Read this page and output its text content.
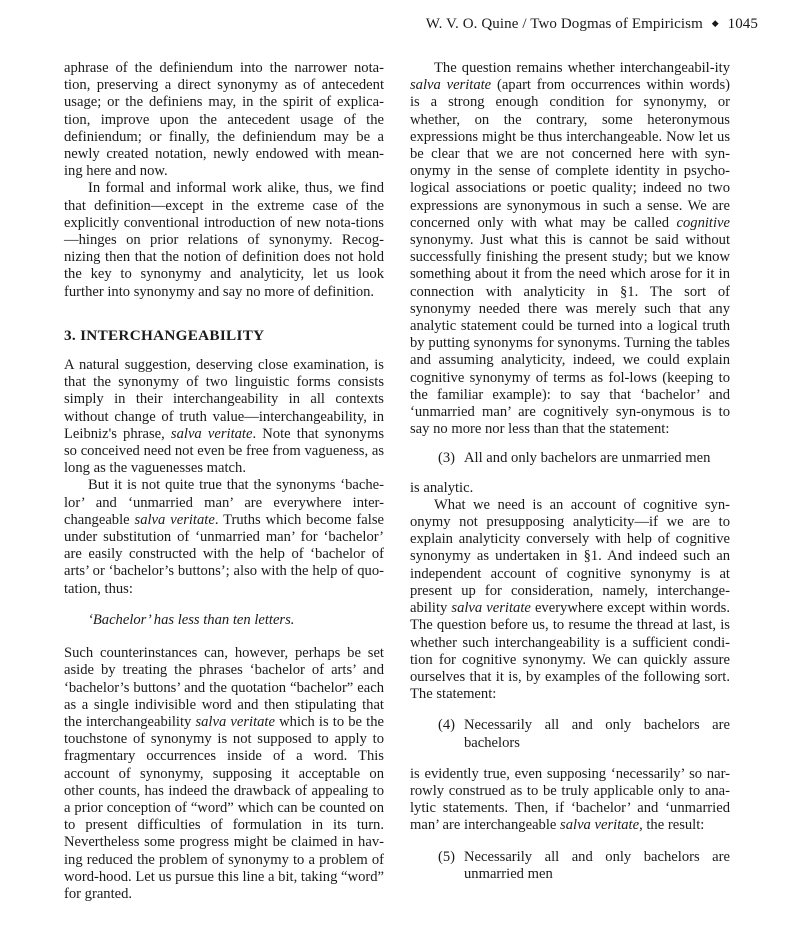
W. V. O. Quine / Two Dogmas of Empiricism ◆ 1045

aphrase of the definiendum into the narrower nota-tion, preserving a direct synonymy as of antecedent usage; or the definiens may, in the spirit of explica-tion, improve upon the antecedent usage of the definiendum; or finally, the definiendum may be a newly created notation, newly endowed with mean-ing here and now.

In formal and informal work alike, thus, we find that definition—except in the extreme case of the explicitly conventional introduction of new nota-tions—hinges on prior relations of synonymy. Recog-nizing then that the notion of definition does not hold the key to synonymy and analyticity, let us look further into synonymy and say no more of definition.

3. INTERCHANGEABILITY

A natural suggestion, deserving close examination, is that the synonymy of two linguistic forms consists simply in their interchangeability in all contexts without change of truth value—interchangeability, in Leibniz's phrase, salva veritate. Note that synonyms so conceived need not even be free from vagueness, as long as the vaguenesses match.

But it is not quite true that the synonyms ‘bache-lor’ and ‘unmarried man’ are everywhere inter-changeable salva veritate. Truths which become false under substitution of ‘unmarried man’ for ‘bachelor’ are easily constructed with the help of ‘bachelor of arts’ or ‘bachelor’s buttons’; also with the help of quo-tation, thus:

‘Bachelor’ has less than ten letters.

Such counterinstances can, however, perhaps be set aside by treating the phrases ‘bachelor of arts’ and ‘bachelor’s buttons’ and the quotation “bachelor” each as a single indivisible word and then stipulating that the interchangeability salva veritate which is to be the touchstone of synonymy is not supposed to apply to fragmentary occurrences inside of a word. This account of synonymy, supposing it acceptable on other counts, has indeed the drawback of appealing to a prior conception of “word” which can be counted on to present difficulties of formulation in its turn. Nevertheless some progress might be claimed in hav-ing reduced the problem of synonymy to a problem of word-hood. Let us pursue this line a bit, taking “word” for granted.

The question remains whether interchangeabil-ity salva veritate (apart from occurrences within words) is a strong enough condition for synonymy, or whether, on the contrary, some heteronymous expressions might be thus interchangeable. Now let us be clear that we are not concerned here with syn-onymy in the sense of complete identity in psycho-logical associations or poetic quality; indeed no two expressions are synonymous in such a sense. We are concerned only with what may be called cognitive synonymy. Just what this is cannot be said without successfully finishing the present study; but we know something about it from the need which arose for it in connection with analyticity in §1. The sort of synonymy needed there was merely such that any analytic statement could be turned into a logical truth by putting synonyms for synonyms. Turning the tables and assuming analyticity, indeed, we could explain cognitive synonymy of terms as fol-lows (keeping to the familiar example): to say that ‘bachelor’ and ‘unmarried man’ are cognitively syn-onymous is to say no more nor less than that the statement:

(3) All and only bachelors are unmarried men

is analytic.

What we need is an account of cognitive syn-onymy not presupposing analyticity—if we are to explain analyticity conversely with help of cognitive synonymy as undertaken in §1. And indeed such an independent account of cognitive synonymy is at present up for consideration, namely, interchange-ability salva veritate everywhere except within words. The question before us, to resume the thread at last, is whether such interchangeability is a sufficient condi-tion for cognitive synonymy. We can quickly assure ourselves that it is, by examples of the following sort. The statement:

(4) Necessarily all and only bachelors are bachelors

is evidently true, even supposing ‘necessarily’ so nar-rowly construed as to be truly applicable only to ana-lytic statements. Then, if ‘bachelor’ and ‘unmarried man’ are interchangeable salva veritate, the result:

(5) Necessarily all and only bachelors are unmarried men
